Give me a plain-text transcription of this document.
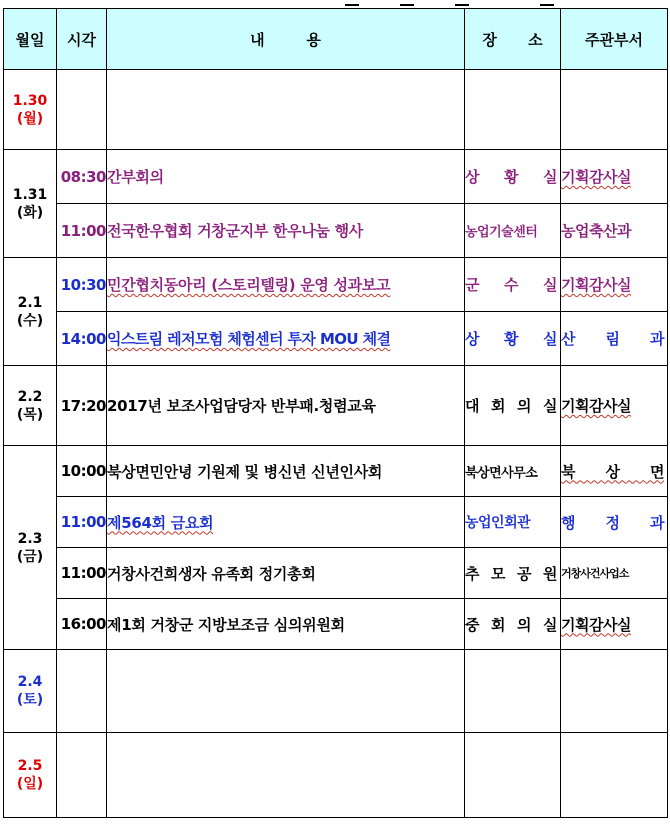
월일	시각	내        용	장      소	주관부서

1.30
(월)				

1.31
(화)	08:30	간부회의	상 황 실	기획감사실

	11:00	전국한우협회 거창군지부 한우나눔 행사	농업기술센터	농업축산과

2.1
(수)	10:30	민간협치동아리 (스토리텔링) 운영 성과보고	군 수 실	기획감사실

	14:00	익스트림 레저모험 체험센터 투자 MOU 체결	상 황 실	산 림 과

2.2
(목)	17:20	2017년 보조사업담당자 반부패.청렴교육	대 회 의 실	기획감사실

2.3
(금)	10:00	북상면민안녕 기원제 및 병신년 신년인사회	북상면사무소	북 상 면

	11:00	제564회 금요회	농업인회관	행 정 과

	11:00	거창사건희생자 유족회 정기총회	추 모 공 원	거창사건사업소
	16:00	제1회 거창군 지방보조금 심의위원회	중 회 의 실	기획감사실

2.4
(토)				

2.5
(일)				
